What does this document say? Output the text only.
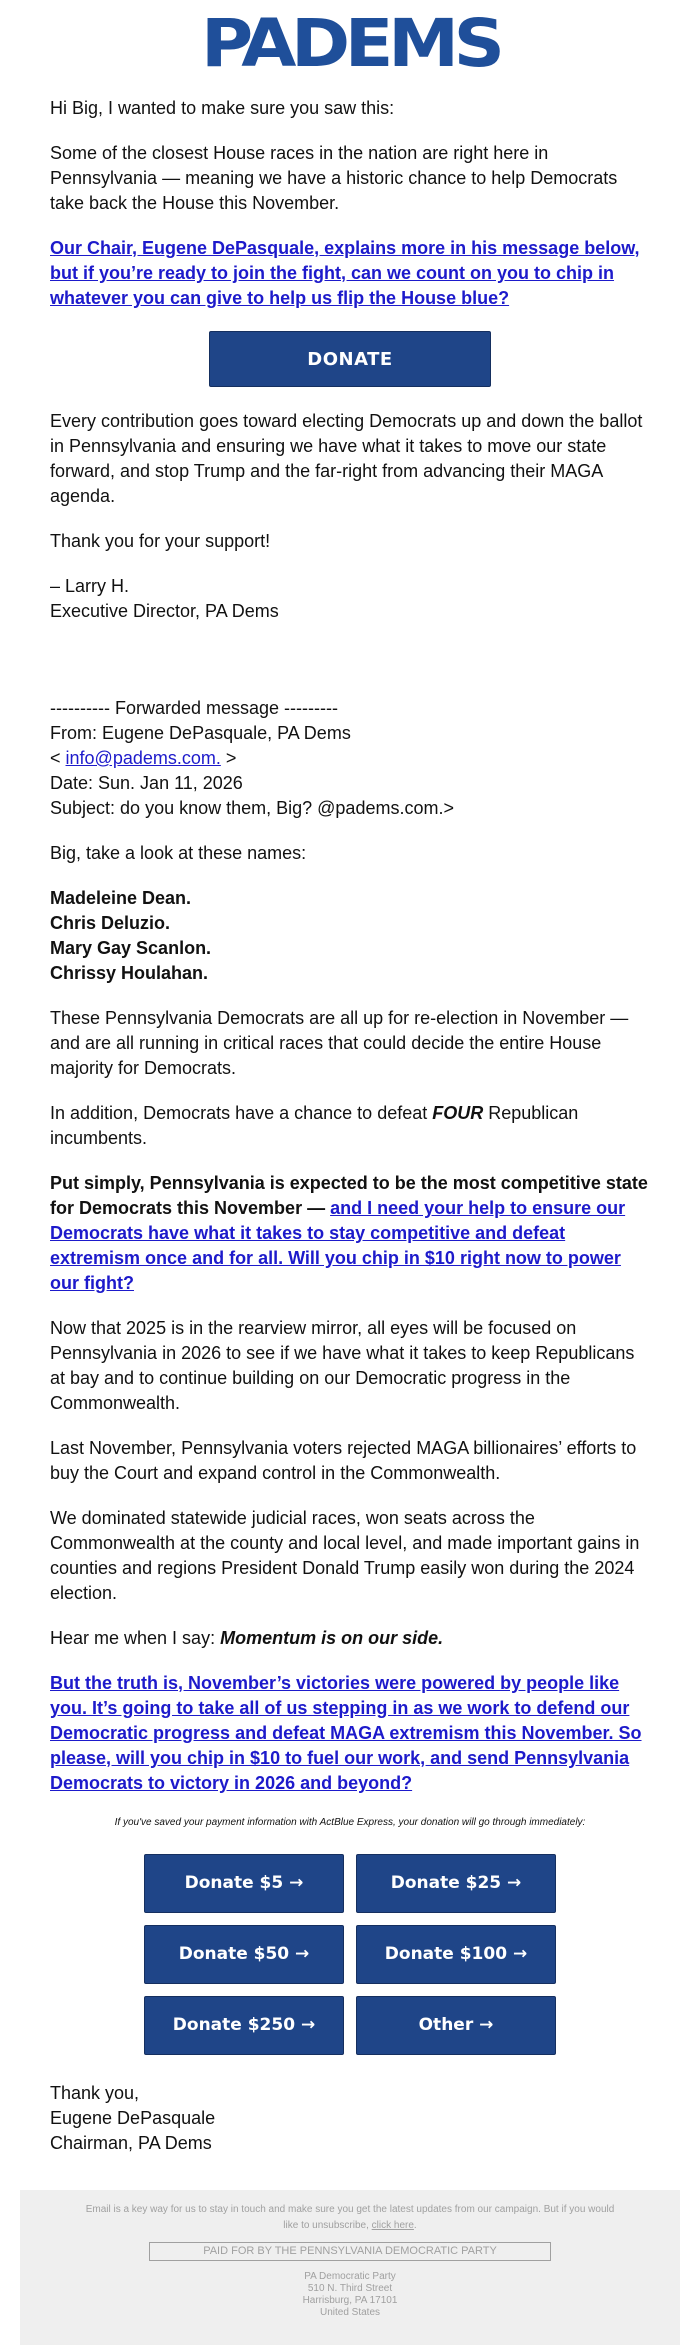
PADEMS

Hi Big, I wanted to make sure you saw this:

Some of the closest House races in the nation are right here in Pennsylvania — meaning we have a historic chance to help Democrats take back the House this November.

Our Chair, Eugene DePasquale, explains more in his message below, but if you’re ready to join the fight, can we count on you to chip in whatever you can give to help us flip the House blue?

DONATE

Every contribution goes toward electing Democrats up and down the ballot in Pennsylvania and ensuring we have what it takes to move our state forward, and stop Trump and the far-right from advancing their MAGA agenda.

Thank you for your support!

– Larry H.
Executive Director, PA Dems

---------- Forwarded message ---------
From: Eugene DePasquale, PA Dems
< info@padems.com. >
Date: Sun. Jan 11, 2026
Subject: do you know them, Big? @padems.com.>

Big, take a look at these names:

Madeleine Dean.

Chris Deluzio.

Mary Gay Scanlon.

Chrissy Houlahan.

These Pennsylvania Democrats are all up for re-election in November — and are all running in critical races that could decide the entire House majority for Democrats.

In addition, Democrats have a chance to defeat FOUR Republican incumbents.

Put simply, Pennsylvania is expected to be the most competitive state for Democrats this November — and I need your help to ensure our Democrats have what it takes to stay competitive and defeat extremism once and for all. Will you chip in $10 right now to power our fight?

Now that 2025 is in the rearview mirror, all eyes will be focused on Pennsylvania in 2026 to see if we have what it takes to keep Republicans at bay and to continue building on our Democratic progress in the Commonwealth.

Last November, Pennsylvania voters rejected MAGA billionaires’ efforts to buy the Court and expand control in the Commonwealth.

We dominated statewide judicial races, won seats across the Commonwealth at the county and local level, and made important gains in counties and regions President Donald Trump easily won during the 2024 election.

Hear me when I say: Momentum is on our side.

But the truth is, November’s victories were powered by people like you. It’s going to take all of us stepping in as we work to defend our Democratic progress and defeat MAGA extremism this November. So please, will you chip in $10 to fuel our work, and send Pennsylvania Democrats to victory in 2026 and beyond?

If you've saved your payment information with ActBlue Express, your donation will go through immediately:

Donate $5 →	Donate $25 →
Donate $50 →	Donate $100 →
Donate $250 →	Other →

Thank you,
Eugene DePasquale
Chairman, PA Dems

Email is a key way for us to stay in touch and make sure you get the latest updates from our campaign. But if you would like to unsubscribe, click here.
PAID FOR BY THE PENNSYLVANIA DEMOCRATIC PARTY
PA Democratic Party
510 N. Third Street
Harrisburg, PA 17101
United States
